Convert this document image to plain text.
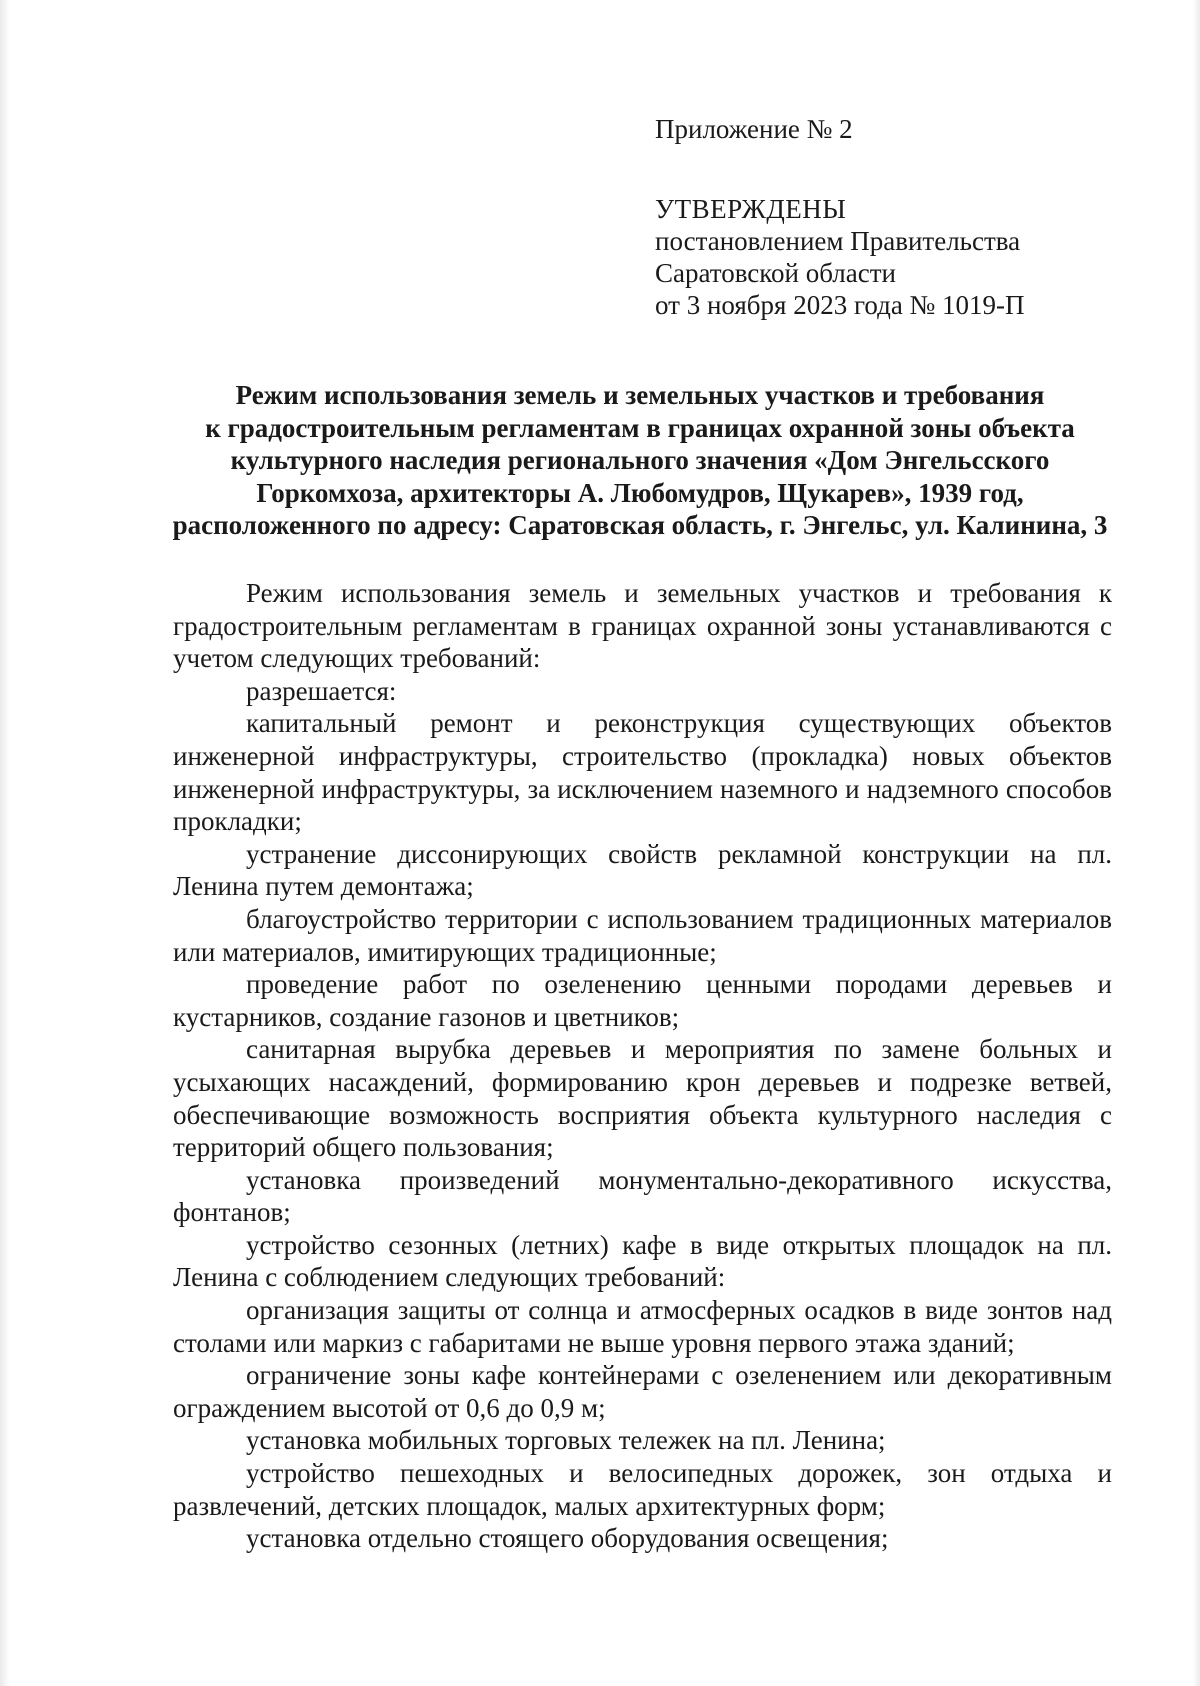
Приложение № 2
УТВЕРЖДЕНЫ
постановлением Правительства
Саратовской области
от 3 ноября 2023 года № 1019-П
Режим использования земель и земельных участков и требования
к градостроительным регламентам в границах охранной зоны объекта
культурного наследия регионального значения «Дом Энгельсского
Горкомхоза, архитекторы А. Любомудров, Щукарев», 1939 год,
расположенного по адресу: Саратовская область, г. Энгельс, ул. Калинина, 3

Режим использования земель и земельных участков и требования к градостроительным регламентам в границах охранной зоны устанавливаются с учетом следующих требований:

разрешается:

капитальный ремонт и реконструкция существующих объектов инженерной инфраструктуры, строительство (прокладка) новых объектов инженерной инфраструктуры, за исключением наземного и надземного способов прокладки;

устранение диссонирующих свойств рекламной конструкции на пл. Ленина путем демонтажа;

благоустройство территории с использованием традиционных материалов или материалов, имитирующих традиционные;

проведение работ по озеленению ценными породами деревьев и кустарников, создание газонов и цветников;

санитарная вырубка деревьев и мероприятия по замене больных и усыхающих насаждений, формированию крон деревьев и подрезке ветвей, обеспечивающие возможность восприятия объекта культурного наследия с территорий общего пользования;

установка произведений монументально-декоративного искусства, фонтанов;

устройство сезонных (летних) кафе в виде открытых площадок на пл. Ленина с соблюдением следующих требований:

организация защиты от солнца и атмосферных осадков в виде зонтов над столами или маркиз с габаритами не выше уровня первого этажа зданий;

ограничение зоны кафе контейнерами с озеленением или декоративным ограждением высотой от 0,6 до 0,9 м;

установка мобильных торговых тележек на пл. Ленина;

устройство пешеходных и велосипедных дорожек, зон отдыха и развлечений, детских площадок, малых архитектурных форм;

установка отдельно стоящего оборудования освещения;
